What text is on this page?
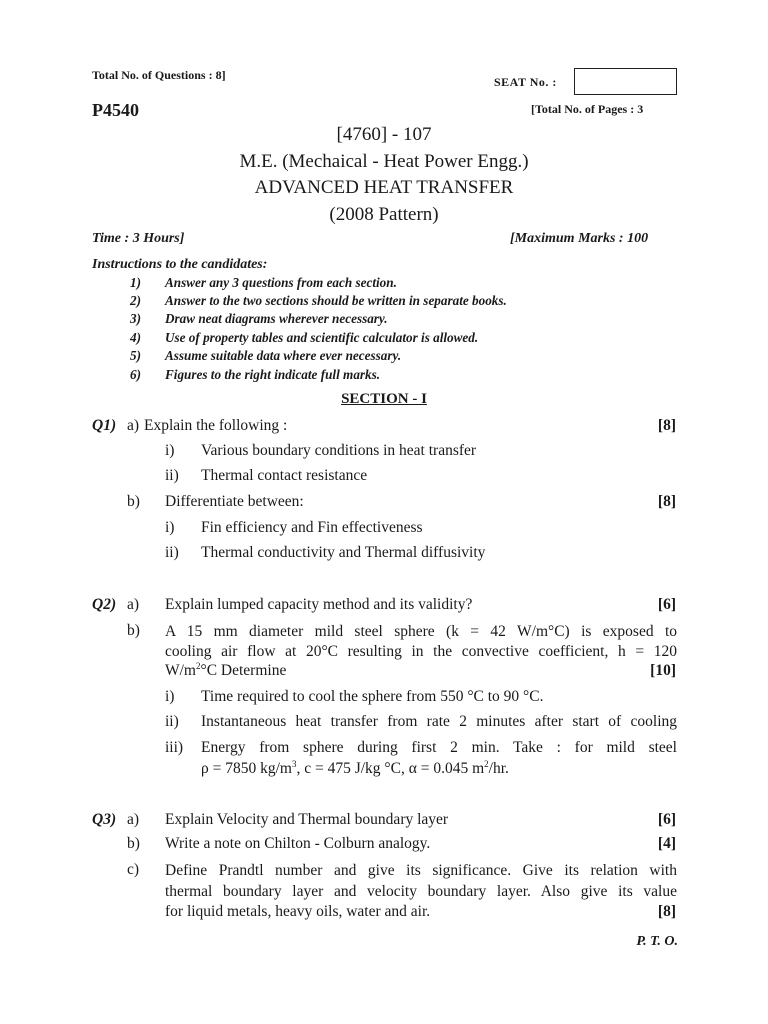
Total No. of Questions : 8]	SEAT No. :
P4540	[Total No. of Pages : 3
[4760] - 107
M.E. (Mechaical - Heat Power Engg.)
ADVANCED HEAT TRANSFER
(2008 Pattern)
Time : 3 Hours]	[Maximum Marks : 100
Instructions to the candidates:
1) Answer any 3 questions from each section.
2) Answer to the two sections should be written in separate books.
3) Draw neat diagrams wherever necessary.
4) Use of property tables and scientific calculator is allowed.
5) Assume suitable data where ever necessary.
6) Figures to the right indicate full marks.
SECTION - I
Q1) a) Explain the following :	[8]
i) Various boundary conditions in heat transfer
ii) Thermal contact resistance
b) Differentiate between:	[8]
i) Fin efficiency and Fin effectiveness
ii) Thermal conductivity and Thermal diffusivity
Q2) a) Explain lumped capacity method and its validity?	[6]
b) A 15 mm diameter mild steel sphere (k = 42 W/m°C) is exposed to
cooling air flow at 20°C resulting in the convective coefficient, h = 120
$W/m^2^\circ C$ Determine	[10]
i) Time required to cool the sphere from 550 °C to 90 °C.
ii) Instantaneous heat transfer from rate 2 minutes after start of cooling
iii) Energy from sphere during first 2 min. Take : for mild steel
ρ = 7850 $kg/m^3$, c = 475 J/kg °C, α = 0.045 $m^2/hr$.
Q3) a) Explain Velocity and Thermal boundary layer	[6]
b) Write a note on Chilton - Colburn analogy.	[4]
c) Define Prandtl number and give its significance. Give its relation with
thermal boundary layer and velocity boundary layer. Also give its value
for liquid metals, heavy oils, water and air.	[8]
P. T. O.
